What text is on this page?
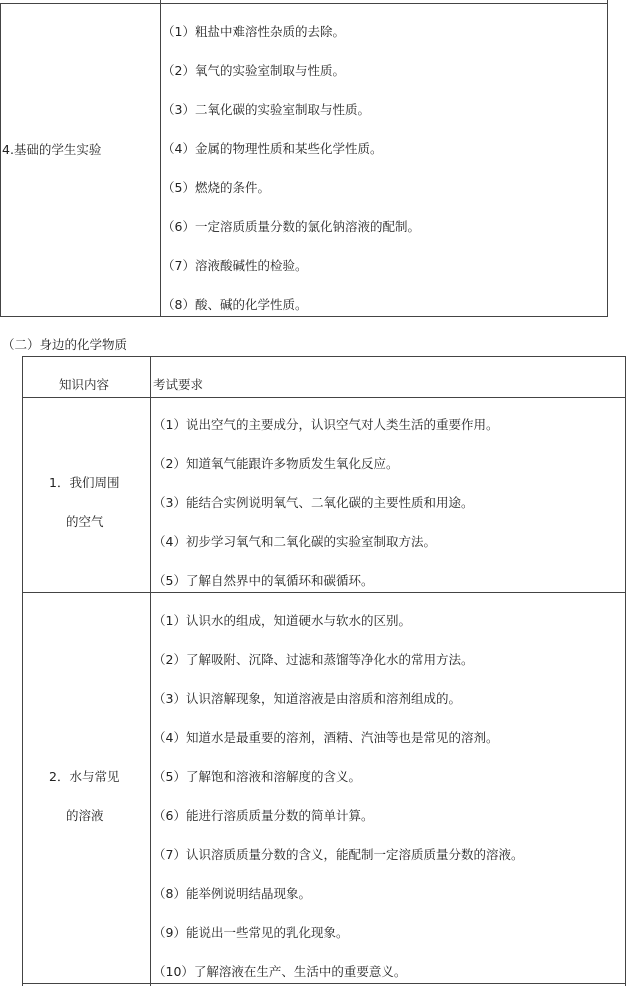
4.基础的学生实验
（1）粗盐中难溶性杂质的去除。
（2）氧气的实验室制取与性质。
（3）二氧化碳的实验室制取与性质。
（4）金属的物理性质和某些化学性质。
（5）燃烧的条件。
（6）一定溶质质量分数的氯化钠溶液的配制。
（7）溶液酸碱性的检验。
（8）酸、碱的化学性质。
（二）身边的化学物质
知识内容	考试要求
1．我们周围
的空气
（1）说出空气的主要成分，认识空气对人类生活的重要作用。
（2）知道氧气能跟许多物质发生氧化反应。
（3）能结合实例说明氧气、二氧化碳的主要性质和用途。
（4）初步学习氧气和二氧化碳的实验室制取方法。
（5）了解自然界中的氧循环和碳循环。
2．水与常见
的溶液
（1）认识水的组成，知道硬水与软水的区别。
（2）了解吸附、沉降、过滤和蒸馏等净化水的常用方法。
（3）认识溶解现象，知道溶液是由溶质和溶剂组成的。
（4）知道水是最重要的溶剂，酒精、汽油等也是常见的溶剂。
（5）了解饱和溶液和溶解度的含义。
（6）能进行溶质质量分数的简单计算。
（7）认识溶质质量分数的含义，能配制一定溶质质量分数的溶液。
（8）能举例说明结晶现象。
（9）能说出一些常见的乳化现象。
（10）了解溶液在生产、生活中的重要意义。
